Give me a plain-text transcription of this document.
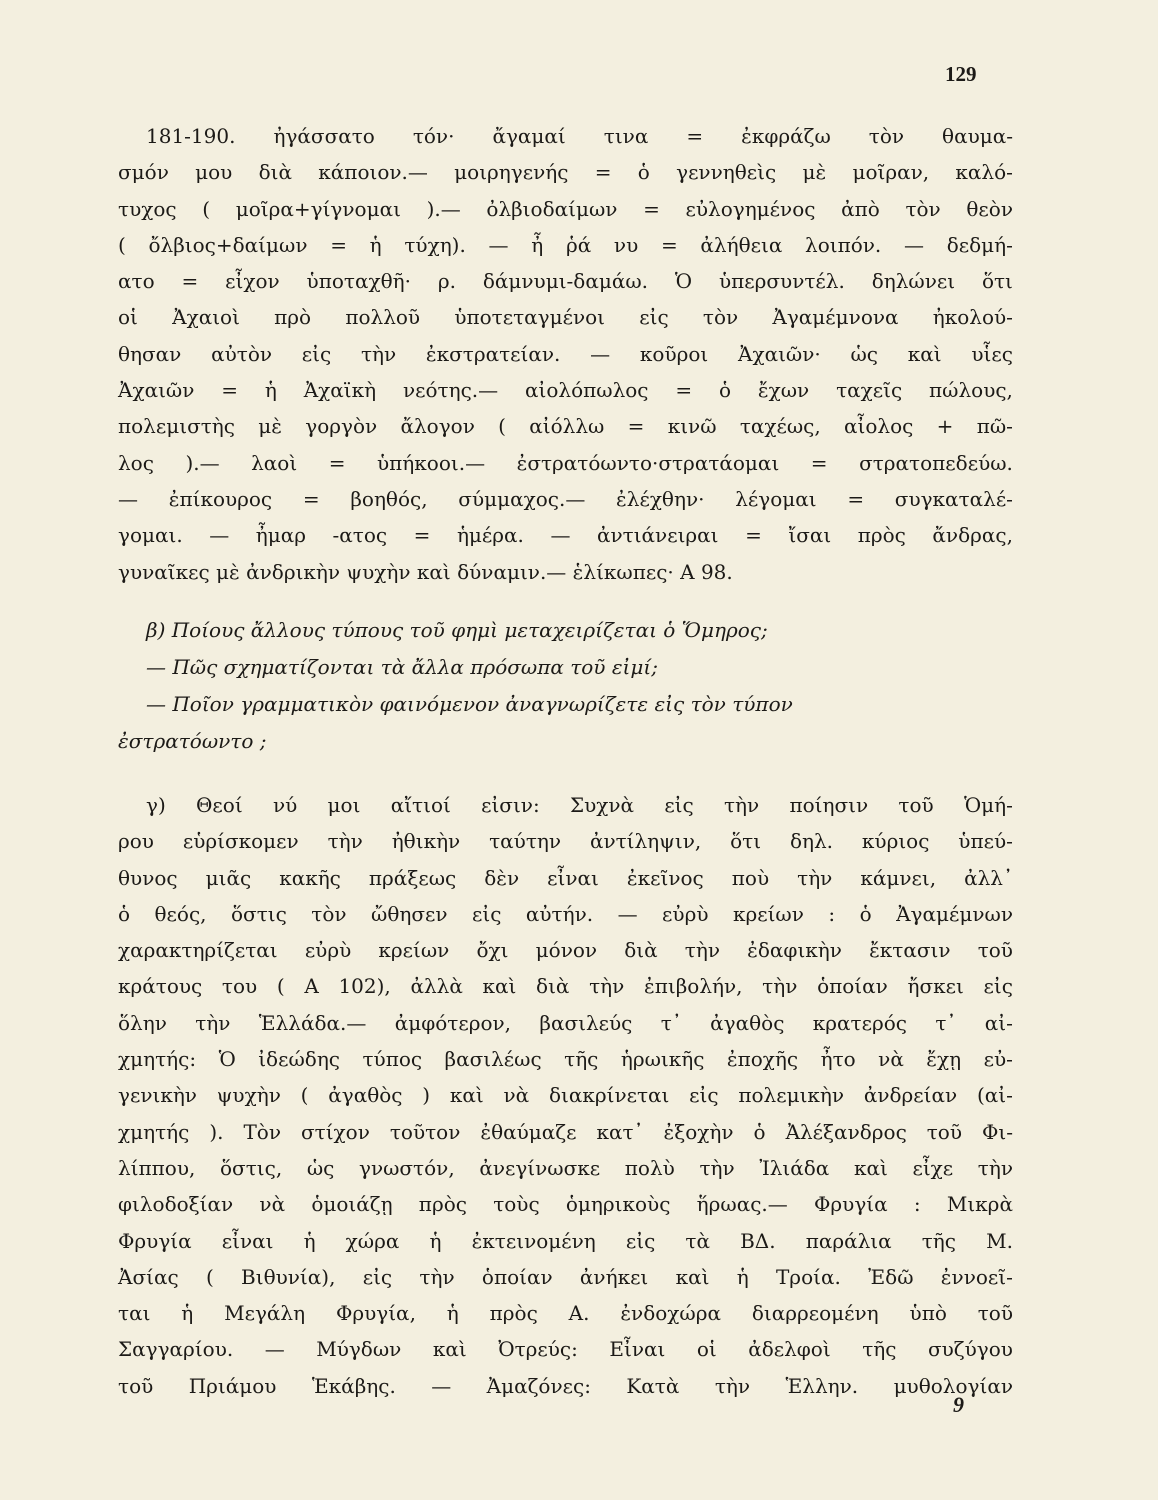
129
181-190. ἠγάσσατο τόν· ἄγαμαί τινα = ἐκφράζω τὸν θαυμα-
σμόν μου διὰ κάποιον.— μοιρηγενής = ὁ γεννηθεὶς μὲ μοῖραν, καλό-
τυχος ( μοῖρα+γίγνομαι ).— ὀλβιοδαίμων = εὐλογημένος ἀπὸ τὸν θεὸν
( ὄλβιος+δαίμων = ἡ τύχη). — ἦ ῥά νυ = ἀλήθεια λοιπόν. — δεδμή-
ατο = εἶχον ὑποταχθῆ· ρ. δάμνυμι-δαμάω. Ὁ ὑπερσυντέλ. δηλώνει ὅτι
οἱ Ἀχαιοὶ πρὸ πολλοῦ ὑποτεταγμένοι εἰς τὸν Ἀγαμέμνονα ἠκολού-
θησαν αὐτὸν εἰς τὴν ἐκστρατείαν. — κοῦροι Ἀχαιῶν· ὡς καὶ υἷες
Ἀχαιῶν = ἡ Ἀχαϊκὴ νεότης.— αἰολόπωλος = ὁ ἔχων ταχεῖς πώλους,
πολεμιστὴς μὲ γοργὸν ἄλογον ( αἰόλλω = κινῶ ταχέως, αἶολος + πῶ-
λος ).— λαοὶ = ὑπήκοοι.— ἐστρατόωντο·στρατάομαι = στρατοπεδεύω.
— ἐπίκουρος = βοηθός, σύμμαχος.— ἐλέχθην· λέγομαι = συγκαταλέ-
γομαι. — ἦμαρ -ατος = ἡμέρα. — ἀντιάνειραι = ἴσαι πρὸς ἄνδρας,
γυναῖκες μὲ ἀνδρικὴν ψυχὴν καὶ δύναμιν.— ἑλίκωπες· Α 98.
β) Ποίους ἄλλους τύπους τοῦ φημὶ μεταχειρίζεται ὁ Ὅμηρος;
— Πῶς σχηματίζονται τὰ ἄλλα πρόσωπα τοῦ εἰμί;
— Ποῖον γραμματικὸν φαινόμενον ἀναγνωρίζετε εἰς τὸν τύπον
ἐστρατόωντο ;
γ) Θεοί νύ μοι αἴτιοί εἰσιν: Συχνὰ εἰς τὴν ποίησιν τοῦ Ὁμή-
ρου εὑρίσκομεν τὴν ἠθικὴν ταύτην ἀντίληψιν, ὅτι δηλ. κύριος ὑπεύ-
θυνος μιᾶς κακῆς πράξεως δὲν εἶναι ἐκεῖνος ποὺ τὴν κάμνει, ἀλλ᾽
ὁ θεός, ὅστις τὸν ὤθησεν εἰς αὐτήν. — εὐρὺ κρείων : ὁ Ἀγαμέμνων
χαρακτηρίζεται εὐρὺ κρείων ὄχι μόνον διὰ τὴν ἐδαφικὴν ἔκτασιν τοῦ
κράτους του ( Α 102), ἀλλὰ καὶ διὰ τὴν ἐπιβολήν, τὴν ὁποίαν ἤσκει εἰς
ὅλην τὴν Ἑλλάδα.— ἀμφότερον, βασιλεύς τ᾽ ἀγαθὸς κρατερός τ᾽ αἰ-
χμητής: Ὁ ἰδεώδης τύπος βασιλέως τῆς ἡρωικῆς ἐποχῆς ἦτο νὰ ἔχῃ εὐ-
γενικὴν ψυχὴν ( ἀγαθὸς ) καὶ νὰ διακρίνεται εἰς πολεμικὴν ἀνδρείαν (αἰ-
χμητής ). Τὸν στίχον τοῦτον ἐθαύμαζε κατ᾽ ἐξοχὴν ὁ Ἀλέξανδρος τοῦ Φι-
λίππου, ὅστις, ὡς γνωστόν, ἀνεγίνωσκε πολὺ τὴν Ἰλιάδα καὶ εἶχε τὴν
φιλοδοξίαν νὰ ὁμοιάζῃ πρὸς τοὺς ὁμηρικοὺς ἥρωας.— Φρυγία : Μικρὰ
Φρυγία εἶναι ἡ χώρα ἡ ἐκτεινομένη εἰς τὰ ΒΔ. παράλια τῆς Μ.
Ἀσίας ( Βιθυνία), εἰς τὴν ὁποίαν ἀνήκει καὶ ἡ Τροία. Ἐδῶ ἐννοεῖ-
ται ἡ Μεγάλη Φρυγία, ἡ πρὸς Α. ἐνδοχώρα διαρρεομένη ὑπὸ τοῦ
Σαγγαρίου. — Μύγδων καὶ Ὀτρεύς: Εἶναι οἱ ἀδελφοὶ τῆς συζύγου
τοῦ Πριάμου Ἑκάβης. — Ἀμαζόνες: Κατὰ τὴν Ἑλλην. μυθολογίαν
9
